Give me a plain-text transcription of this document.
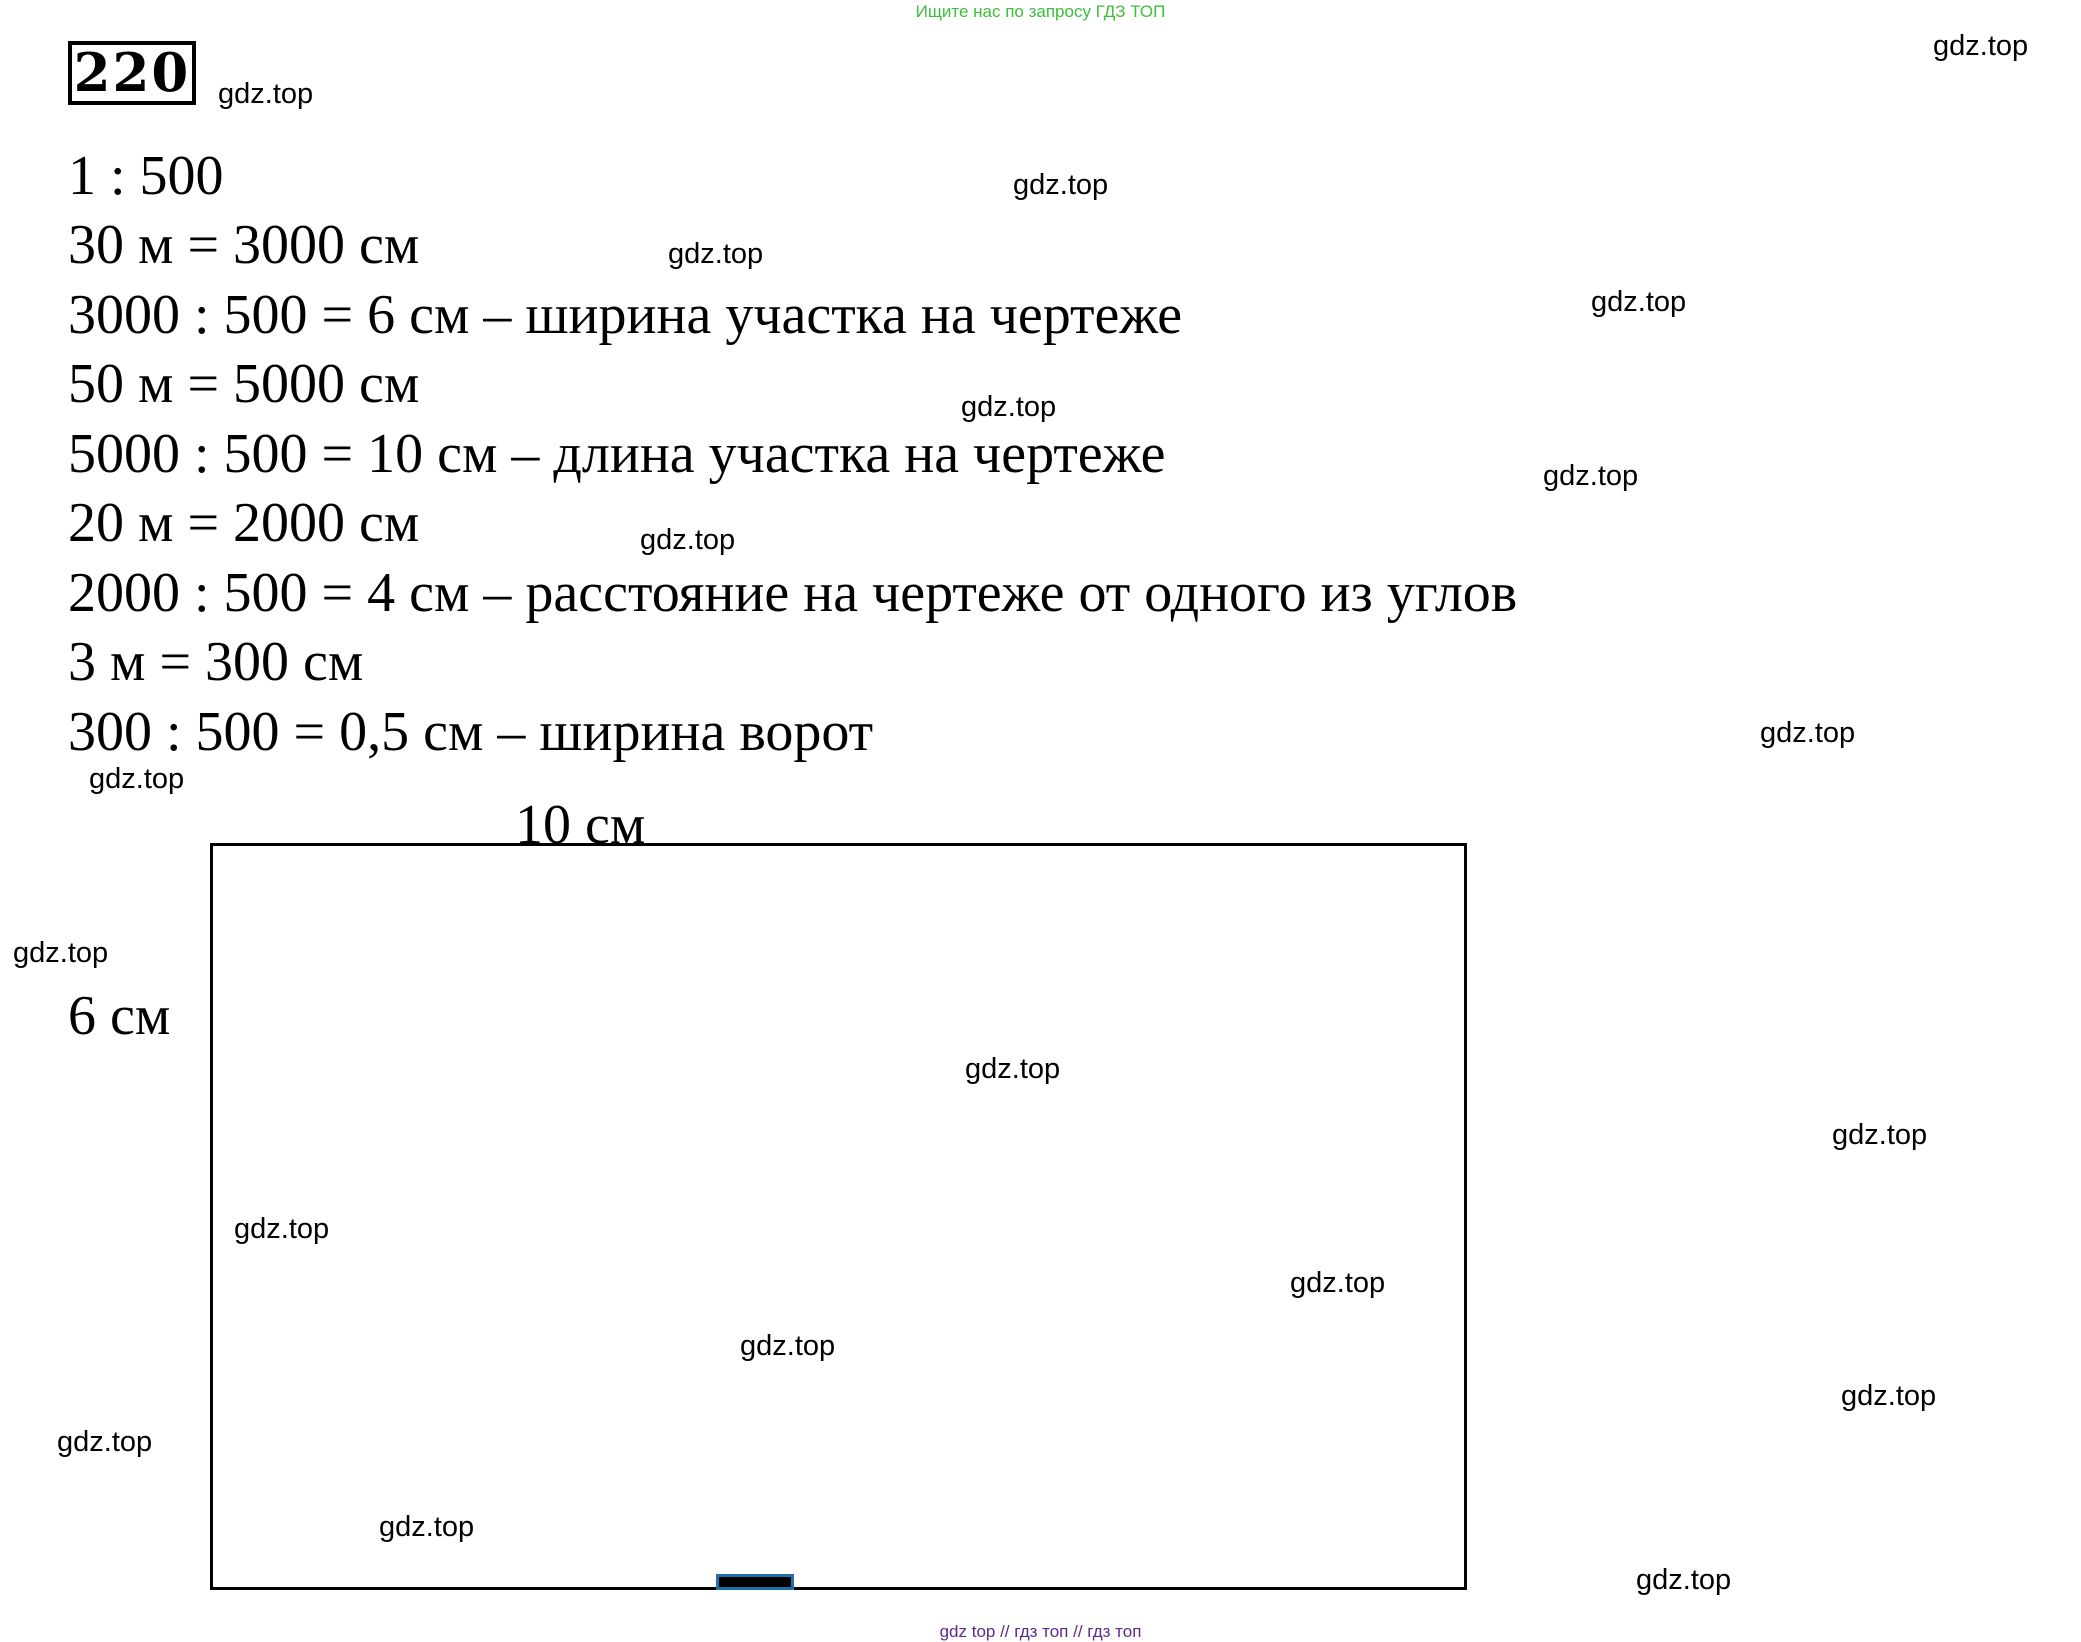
Ищите нас по запросу ГДЗ ТОП
220
1 : 500
30 м = 3000 см
3000 : 500 = 6 см – ширина участка на чертеже
50 м = 5000 см
5000 : 500 = 10 см – длина участка на чертеже
20 м = 2000 см
2000 : 500 = 4 см – расстояние на чертеже от одного из углов
3 м = 300 см
300 : 500 = 0,5 см – ширина ворот
10 см
6 см
gdz.top
gdz.top
gdz.top
gdz.top
gdz.top
gdz.top
gdz.top
gdz.top
gdz.top
gdz.top
gdz.top
gdz.top
gdz.top
gdz.top
gdz.top
gdz.top
gdz.top
gdz.top
gdz.top
gdz.top
gdz top // гдз топ // гдз топ
